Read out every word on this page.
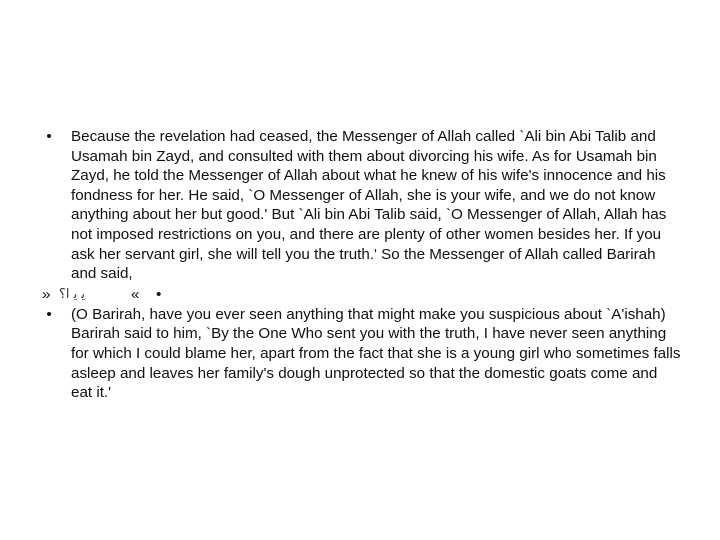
• Because the revelation had ceased, the Messenger of Allah called `Ali bin Abi Talib and Usamah bin Zayd, and consulted with them about divorcing his wife. As for Usamah bin Zayd, he told the Messenger of Allah about what he knew of his wife's innocence and his fondness for her. He said, `O Messenger of Allah, she is your wife, and we do not know anything about her but good.' But `Ali bin Abi Talib said, `O Messenger of Allah, Allah has not imposed restrictions on you, and there are plenty of other women besides her. If you ask her servant girl, she will tell you the truth.' So the Messenger of Allah called Barirah and said,
» ﻳ ﻳ ﺍ؟	« •
• (O Barirah, have you ever seen anything that might make you suspicious about `A'ishah) Barirah said to him, `By the One Who sent you with the truth, I have never seen anything for which I could blame her, apart from the fact that she is a young girl who sometimes falls asleep and leaves her family's dough unprotected so that the domestic goats come and eat it.'
